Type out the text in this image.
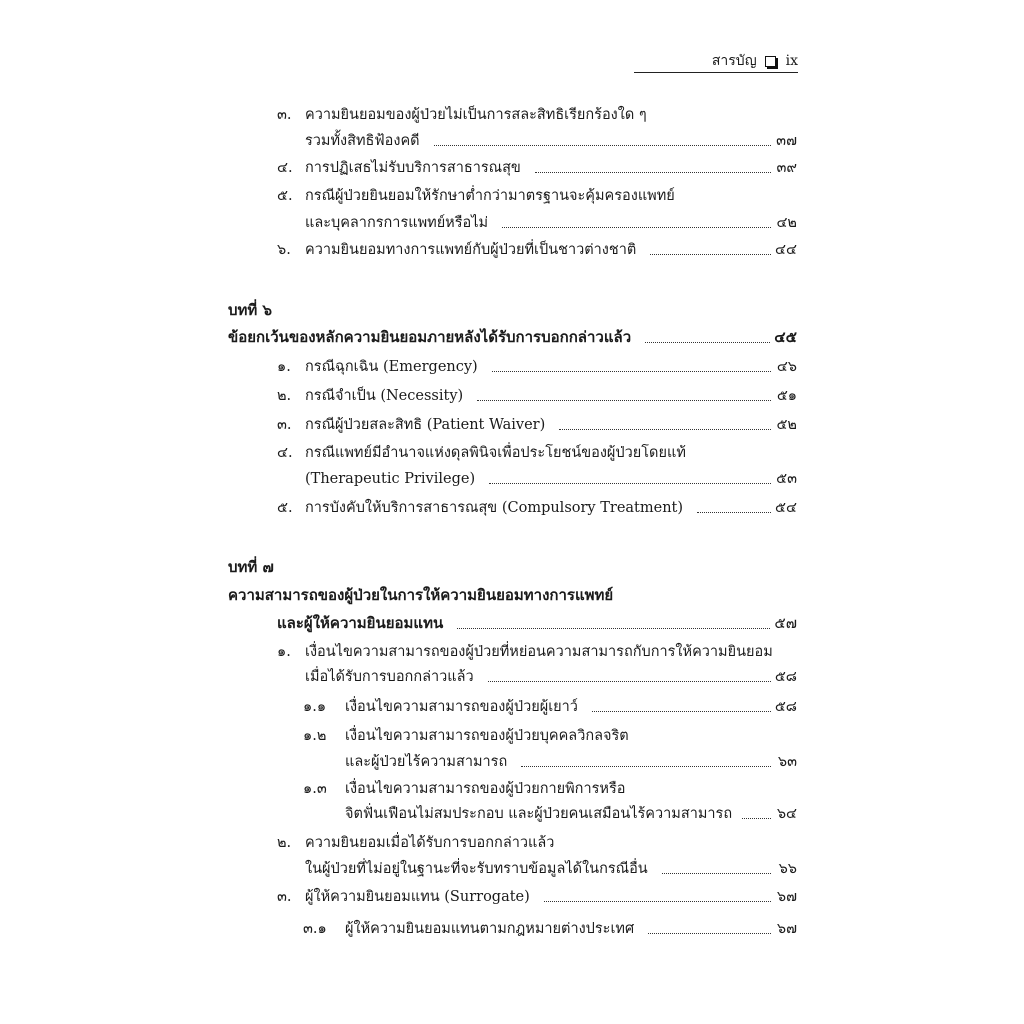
สารบัญ ix
๓. ความยินยอมของผู้ป่วยไม่เป็นการสละสิทธิเรียกร้องใด ๆ
รวมทั้งสิทธิฟ้องคดี	๓๗
๔. การปฏิเสธไม่รับบริการสาธารณสุข	๓๙
๕. กรณีผู้ป่วยยินยอมให้รักษาต่ำกว่ามาตรฐานจะคุ้มครองแพทย์
และบุคลากรการแพทย์หรือไม่	๔๒
๖. ความยินยอมทางการแพทย์กับผู้ป่วยที่เป็นชาวต่างชาติ	๔๔
บทที่ ๖
ข้อยกเว้นของหลักความยินยอมภายหลังได้รับการบอกกล่าวแล้ว	๔๕
๑. กรณีฉุกเฉิน (Emergency)	๔๖
๒. กรณีจำเป็น (Necessity)	๕๑
๓. กรณีผู้ป่วยสละสิทธิ (Patient Waiver)	๕๒
๔. กรณีแพทย์มีอำนาจแห่งดุลพินิจเพื่อประโยชน์ของผู้ป่วยโดยแท้
(Therapeutic Privilege)	๕๓
๕. การบังคับให้บริการสาธารณสุข (Compulsory Treatment)	๕๔
บทที่ ๗
ความสามารถของผู้ป่วยในการให้ความยินยอมทางการแพทย์
และผู้ให้ความยินยอมแทน	๕๗
๑. เงื่อนไขความสามารถของผู้ป่วยที่หย่อนความสามารถกับการให้ความยินยอม
เมื่อได้รับการบอกกล่าวแล้ว	๕๘
๑.๑	เงื่อนไขความสามารถของผู้ป่วยผู้เยาว์	๕๘
๑.๒	เงื่อนไขความสามารถของผู้ป่วยบุคคลวิกลจริต
และผู้ป่วยไร้ความสามารถ	๖๓
๑.๓	เงื่อนไขความสามารถของผู้ป่วยกายพิการหรือ
จิตฟั่นเฟือนไม่สมประกอบ และผู้ป่วยคนเสมือนไร้ความสามารถ	๖๔
๒. ความยินยอมเมื่อได้รับการบอกกล่าวแล้ว
ในผู้ป่วยที่ไม่อยู่ในฐานะที่จะรับทราบข้อมูลได้ในกรณีอื่น	๖๖
๓. ผู้ให้ความยินยอมแทน (Surrogate)	๖๗
๓.๑	ผู้ให้ความยินยอมแทนตามกฎหมายต่างประเทศ	๖๗
